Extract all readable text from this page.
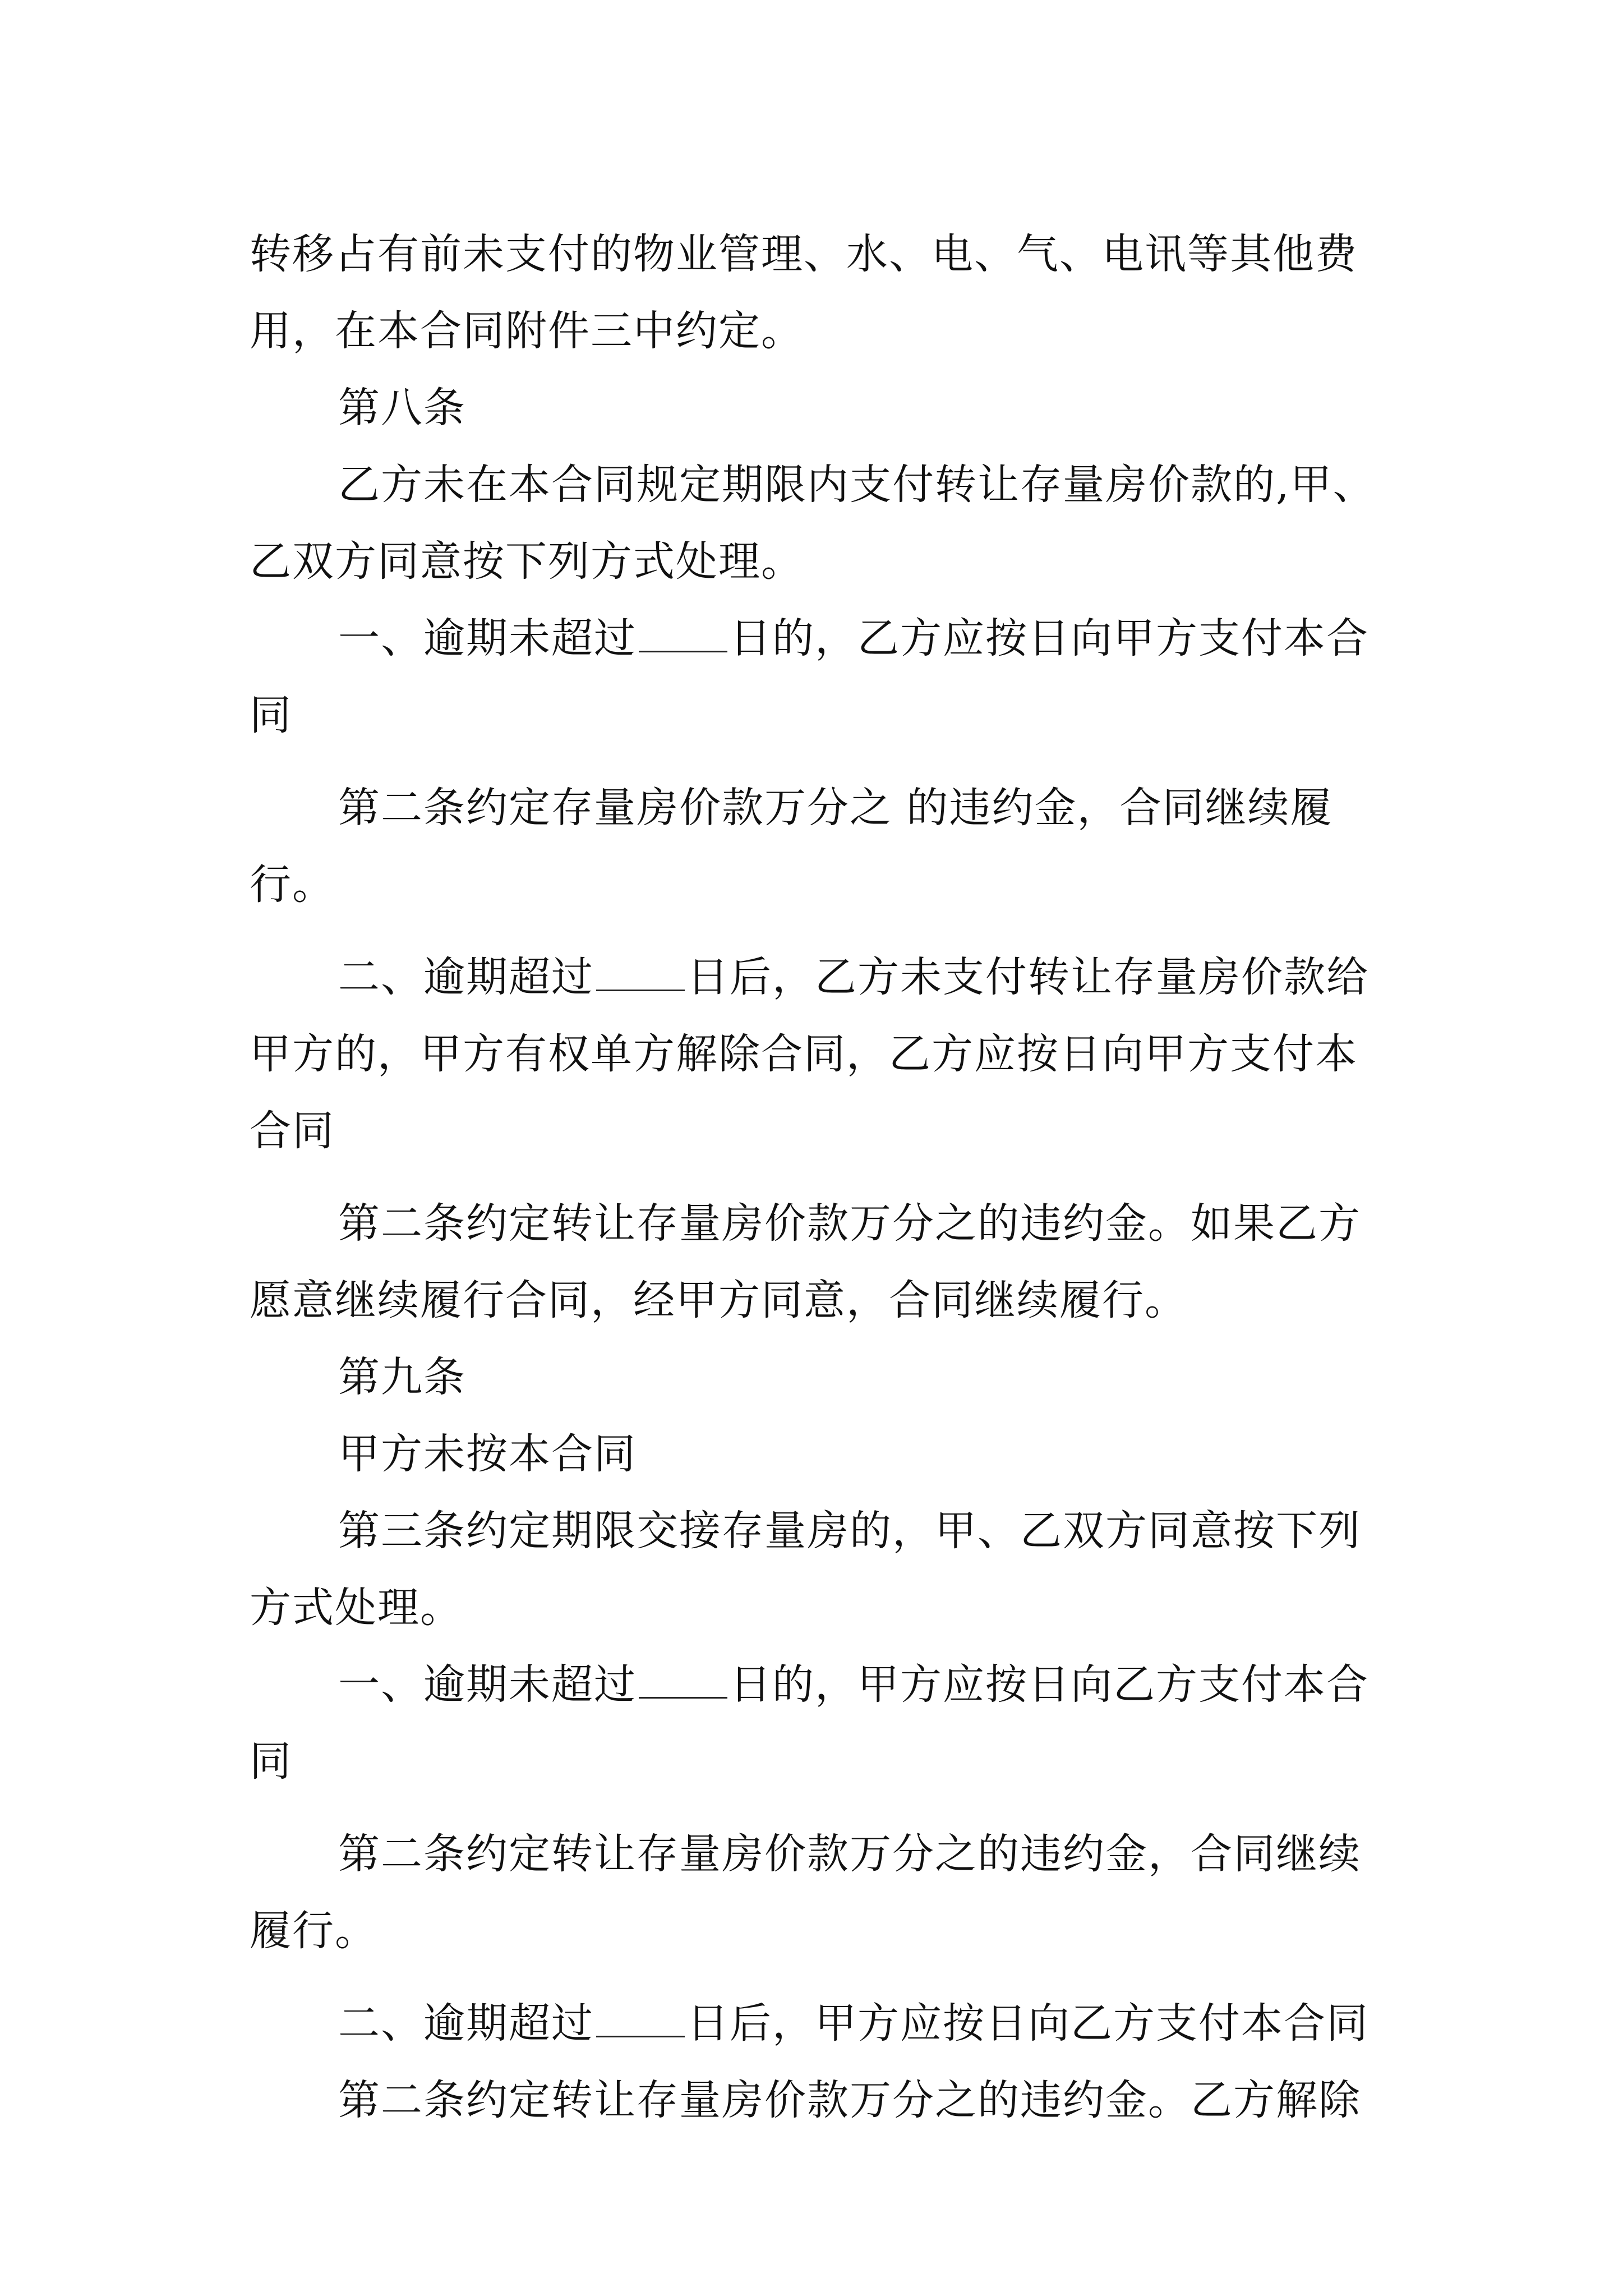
转移占有前未支付的物业管理、水、电、气、电讯等其他费

用，在本合同附件三中约定。

第八条

乙方未在本合同规定期限内支付转让存量房价款的,甲、

乙双方同意按下列方式处理。

一、逾期未超过 日的，乙方应按日向甲方支付本合

同

第二条约定存量房价款万分之 的违约金，合同继续履

行。

二、逾期超过 日后，乙方未支付转让存量房价款给

甲方的，甲方有权单方解除合同，乙方应按日向甲方支付本

合同

第二条约定转让存量房价款万分之的违约金。如果乙方

愿意继续履行合同，经甲方同意，合同继续履行。

第九条

甲方未按本合同

第三条约定期限交接存量房的，甲、乙双方同意按下列

方式处理。

一、逾期未超过 日的，甲方应按日向乙方支付本合

同

第二条约定转让存量房价款万分之的违约金，合同继续

履行。

二、逾期超过 日后，甲方应按日向乙方支付本合同

第二条约定转让存量房价款万分之的违约金。乙方解除
